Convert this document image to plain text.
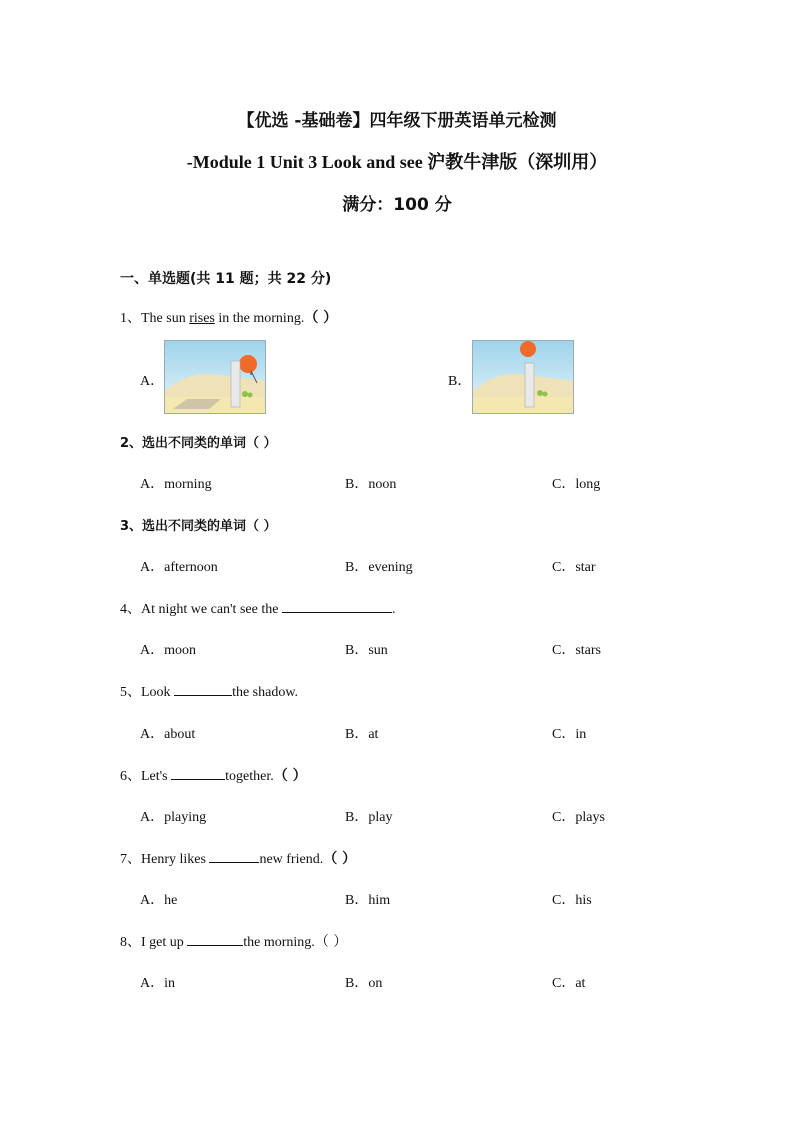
【优选 -基础卷】四年级下册英语单元检测
-Module 1 Unit 3 Look and see 沪教牛津版（深圳用）
满分：100 分
一、单选题(共 11 题；共 22 分)
1、The sun rises in the morning.（ ）
A．	B．
2、选出不同类的单词（ ）
A．morning	B．noon	C．long
3、选出不同类的单词（ ）
A．afternoon	B．evening	C．star
4、At night we can't see the	.
A．moon	B．sun	C．stars
5、Look	the shadow.
A．about	B．at	C．in
6、Let's	together.（ ）
A．playing	B．play	C．plays
7、Henry likes	new friend.（ ）
A．he	B．him	C．his
8、I get up	the morning.（ ）
A．in	B．on	C．at
